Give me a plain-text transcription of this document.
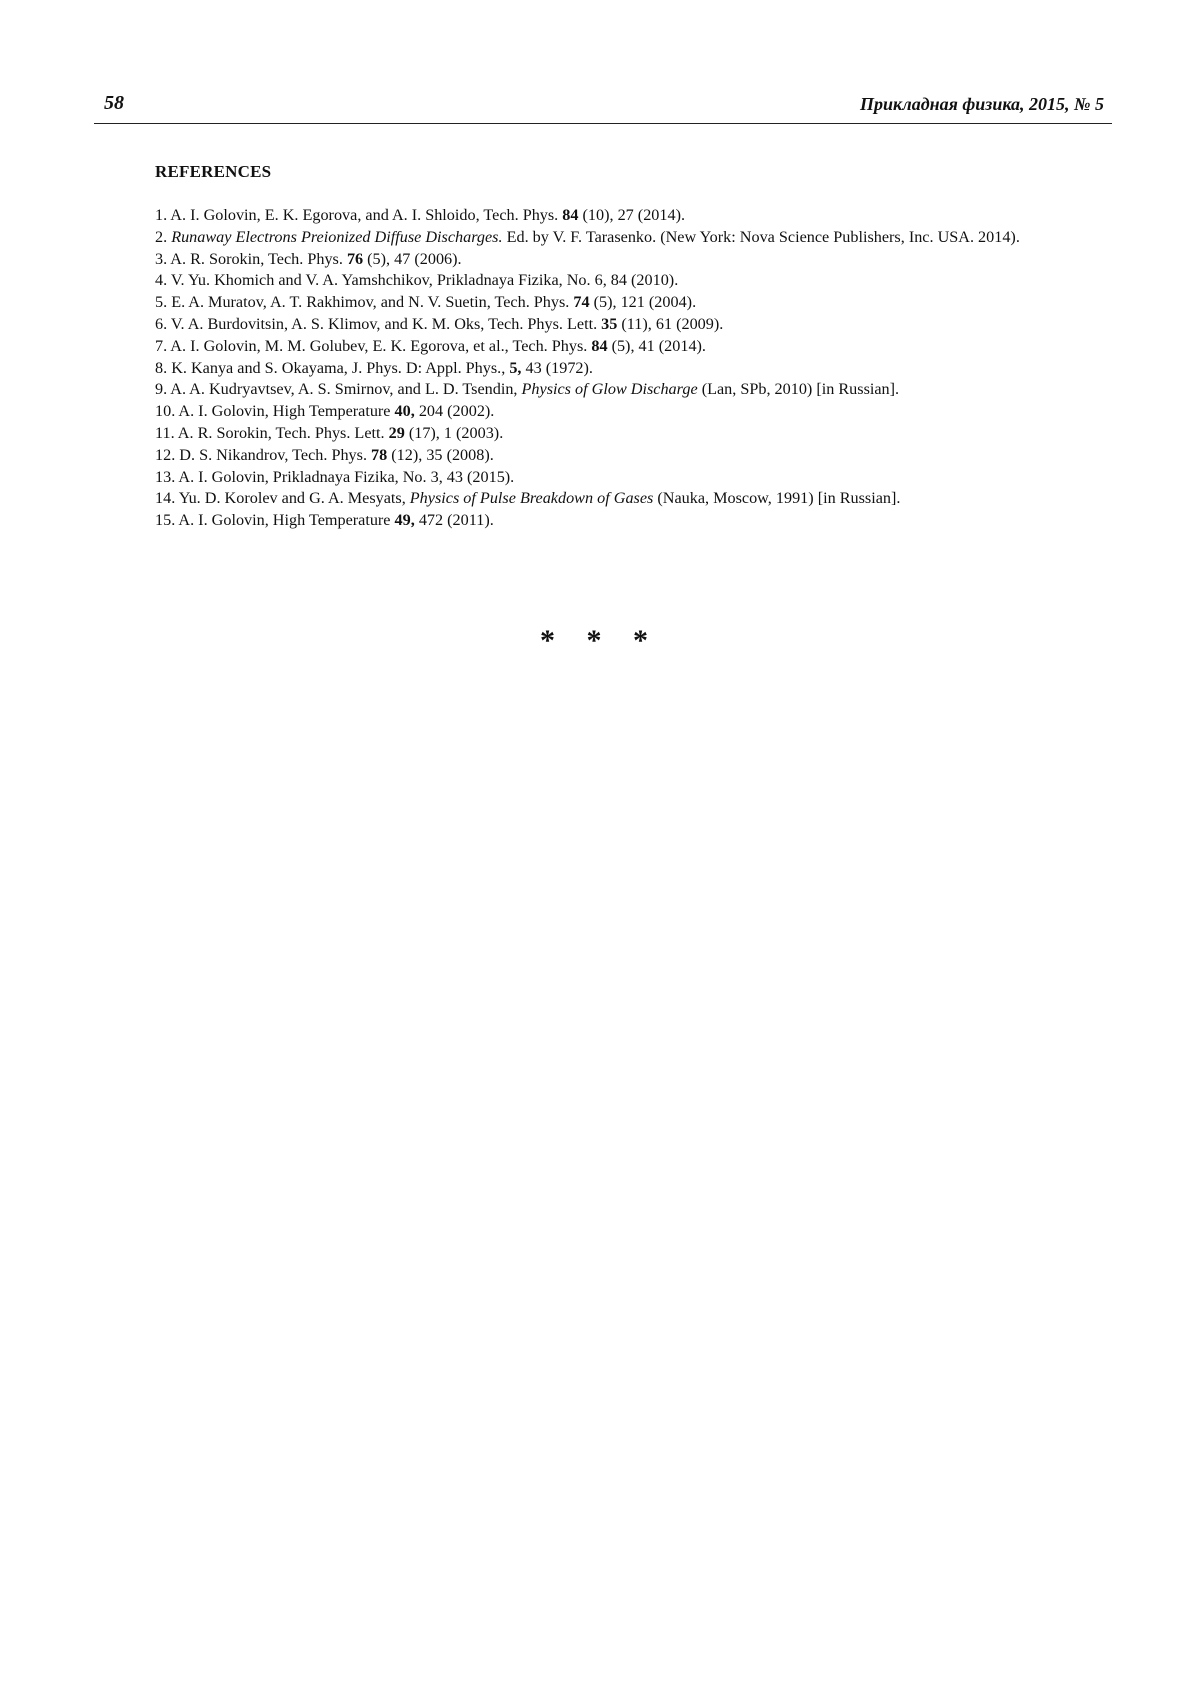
58	Прикладная физика, 2015, № 5
REFERENCES

1. A. I. Golovin, E. K. Egorova, and A. I. Shloido, Tech. Phys. 84 (10), 27 (2014).

2. Runaway Electrons Preionized Diffuse Discharges. Ed. by V. F. Tarasenko. (New York: Nova Science Publishers, Inc. USA. 2014).

3. A. R. Sorokin, Tech. Phys. 76 (5), 47 (2006).

4. V. Yu. Khomich and V. A. Yamshchikov, Prikladnaya Fizika, No. 6, 84 (2010).

5. E. A. Muratov, A. T. Rakhimov, and N. V. Suetin, Tech. Phys. 74 (5), 121 (2004).

6. V. A. Burdovitsin, A. S. Klimov, and K. M. Oks, Tech. Phys. Lett. 35 (11), 61 (2009).

7. A. I. Golovin, M. M. Golubev, E. K. Egorova, et al., Tech. Phys. 84 (5), 41 (2014).

8. K. Kanya and S. Okayama, J. Phys. D: Appl. Phys., 5, 43 (1972).

9. A. A. Kudryavtsev, A. S. Smirnov, and L. D. Tsendin, Physics of Glow Discharge (Lan, SPb, 2010) [in Russian].

10. A. I. Golovin, High Temperature 40, 204 (2002).

11. A. R. Sorokin, Tech. Phys. Lett. 29 (17), 1 (2003).

12. D. S. Nikandrov, Tech. Phys. 78 (12), 35 (2008).

13. A. I. Golovin, Prikladnaya Fizika, No. 3, 43 (2015).

14. Yu. D. Korolev and G. A. Mesyats, Physics of Pulse Breakdown of Gases (Nauka, Moscow, 1991) [in Russian].

15. A. I. Golovin, High Temperature 49, 472 (2011).

* * *
